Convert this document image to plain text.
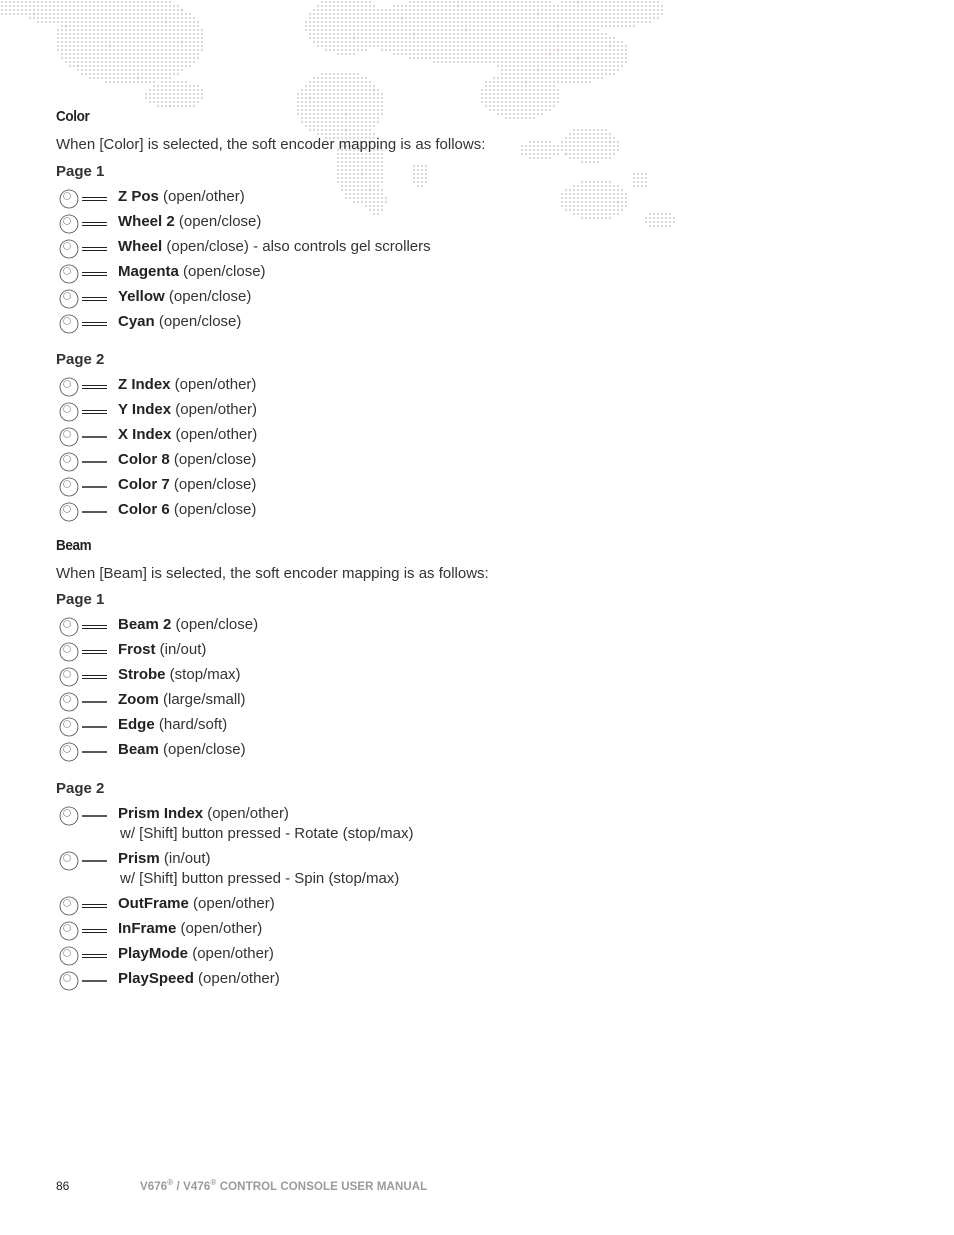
Color

When [Color] is selected, the soft encoder mapping is as follows:

Page 1
Z Pos (open/other)
Wheel 2 (open/close)
Wheel (open/close) - also controls gel scrollers
Magenta (open/close)
Yellow (open/close)
Cyan (open/close)
Page 2
Z Index (open/other)
Y Index (open/other)
X Index (open/other)
Color 8 (open/close)
Color 7 (open/close)
Color 6 (open/close)
Beam

When [Beam] is selected, the soft encoder mapping is as follows:

Page 1
Beam 2 (open/close)
Frost (in/out)
Strobe (stop/max)
Zoom (large/small)
Edge (hard/soft)
Beam (open/close)
Page 2
Prism Index (open/other)
w/ [Shift] button pressed - Rotate (stop/max)
Prism (in/out)
w/ [Shift] button pressed - Spin (stop/max)
OutFrame (open/other)
InFrame (open/other)
PlayMode (open/other)
PlaySpeed (open/other)
86	V676® / V476® CONTROL CONSOLE USER MANUAL
